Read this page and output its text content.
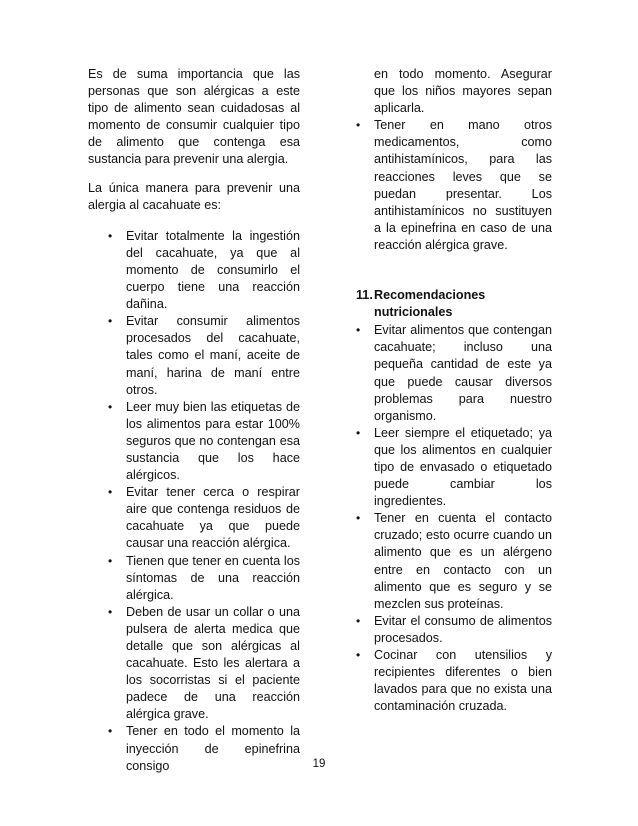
Es de suma importancia que las personas que son alérgicas a este tipo de alimento sean cuidadosas al momento de consumir cualquier tipo de alimento que contenga esa sustancia para prevenir una alergia.

La única manera para prevenir una alergia al cacahuate es:

• Evitar totalmente la ingestión del cacahuate, ya que al momento de consumirlo el cuerpo tiene una reacción dañina.
• Evitar consumir alimentos procesados del cacahuate, tales como el maní, aceite de maní, harina de maní entre otros.
• Leer muy bien las etiquetas de los alimentos para estar 100% seguros que no contengan esa sustancia que los hace alérgicos.
• Evitar tener cerca o respirar aire que contenga residuos de cacahuate ya que puede causar una reacción alérgica.
• Tienen que tener en cuenta los síntomas de una reacción alérgica.
• Deben de usar un collar o una pulsera de alerta medica que detalle que son alérgicas al cacahuate. Esto les alertara a los socorristas si el paciente padece de una reacción alérgica grave.
• Tener en todo el momento la inyección de epinefrina consigo

en todo momento. Asegurar que los niños mayores sepan aplicarla.

• Tener en mano otros medicamentos, como antihistamínicos, para las reacciones leves que se puedan presentar. Los antihistamínicos no sustituyen a la epinefrina en caso de una reacción alérgica grave.
11. Recomendaciones nutricionales
• Evitar alimentos que contengan cacahuate; incluso una pequeña cantidad de este ya que puede causar diversos problemas para nuestro organismo.
• Leer siempre el etiquetado; ya que los alimentos en cualquier tipo de envasado o etiquetado puede cambiar los ingredientes.
• Tener en cuenta el contacto cruzado; esto ocurre cuando un alimento que es un alérgeno entre en contacto con un alimento que es seguro y se mezclen sus proteínas.
• Evitar el consumo de alimentos procesados.
• Cocinar con utensilios y recipientes diferentes o bien lavados para que no exista una contaminación cruzada.
19
